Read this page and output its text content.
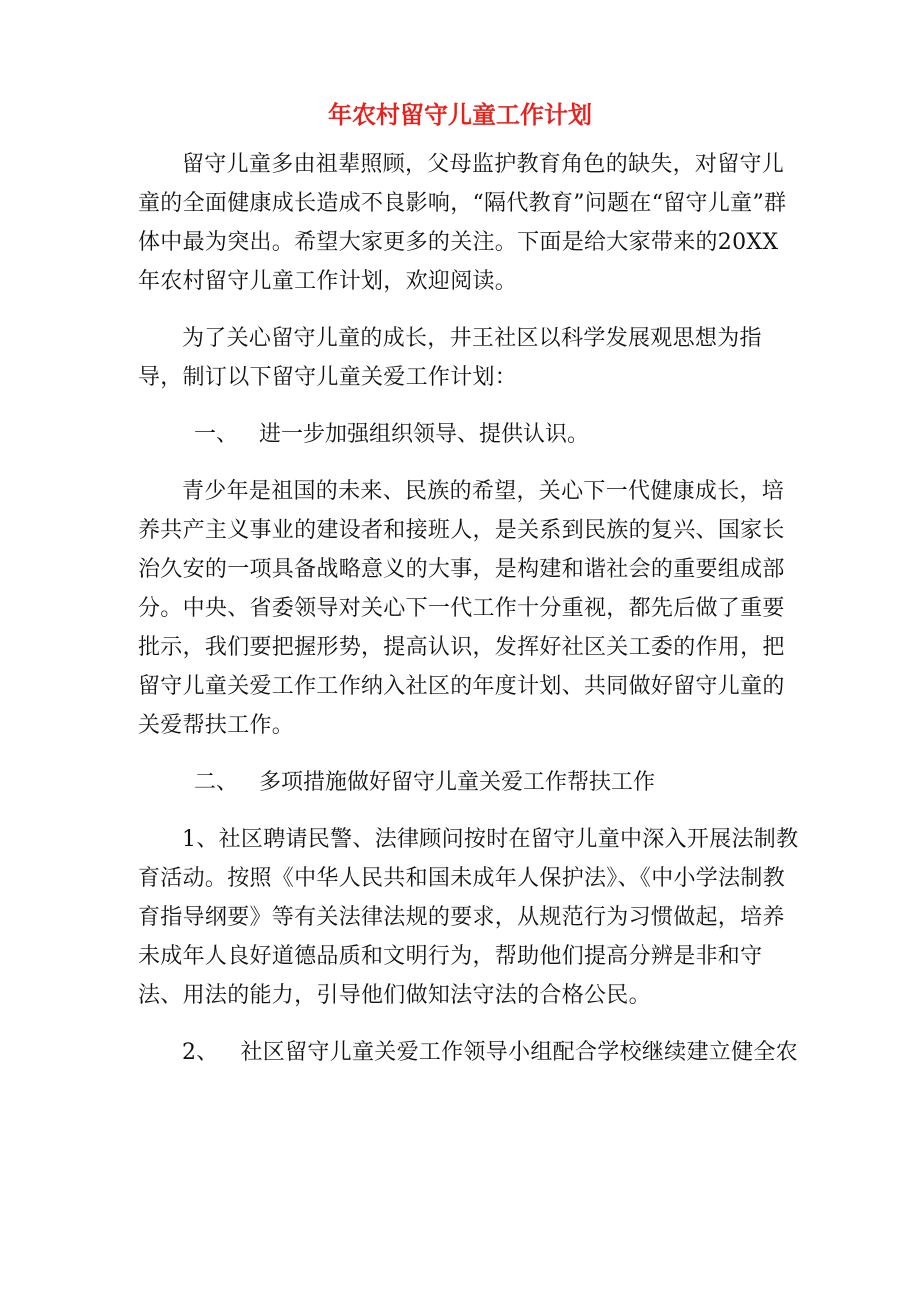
年农村留守儿童工作计划

留守儿童多由祖辈照顾，父母监护教育角色的缺失，对留守儿童的全面健康成长造成不良影响，“隔代教育”问题在“留守儿童”群体中最为突出。希望大家更多的关注。下面是给大家带来的20XX 年农村留守儿童工作计划，欢迎阅读。

为了关心留守儿童的成长，井王社区以科学发展观思想为指导，制订以下留守儿童关爱工作计划：

一、   进一步加强组织领导、提供认识。

青少年是祖国的未来、民族的希望，关心下一代健康成长，培养共产主义事业的建设者和接班人，是关系到民族的复兴、国家长治久安的一项具备战略意义的大事，是构建和谐社会的重要组成部分。中央、省委领导对关心下一代工作十分重视，都先后做了重要批示，我们要把握形势，提高认识，发挥好社区关工委的作用，把留守儿童关爱工作工作纳入社区的年度计划、共同做好留守儿童的关爱帮扶工作。

二、   多项措施做好留守儿童关爱工作帮扶工作

1、社区聘请民警、法律顾问按时在留守儿童中深入开展法制教育活动。按照《中华人民共和国未成年人保护法》、《中小学法制教育指导纲要》等有关法律法规的要求，从规范行为习惯做起，培养未成年人良好道德品质和文明行为，帮助他们提高分辨是非和守法、用法的能力，引导他们做知法守法的合格公民。

2、   社区留守儿童关爱工作领导小组配合学校继续建立健全农
